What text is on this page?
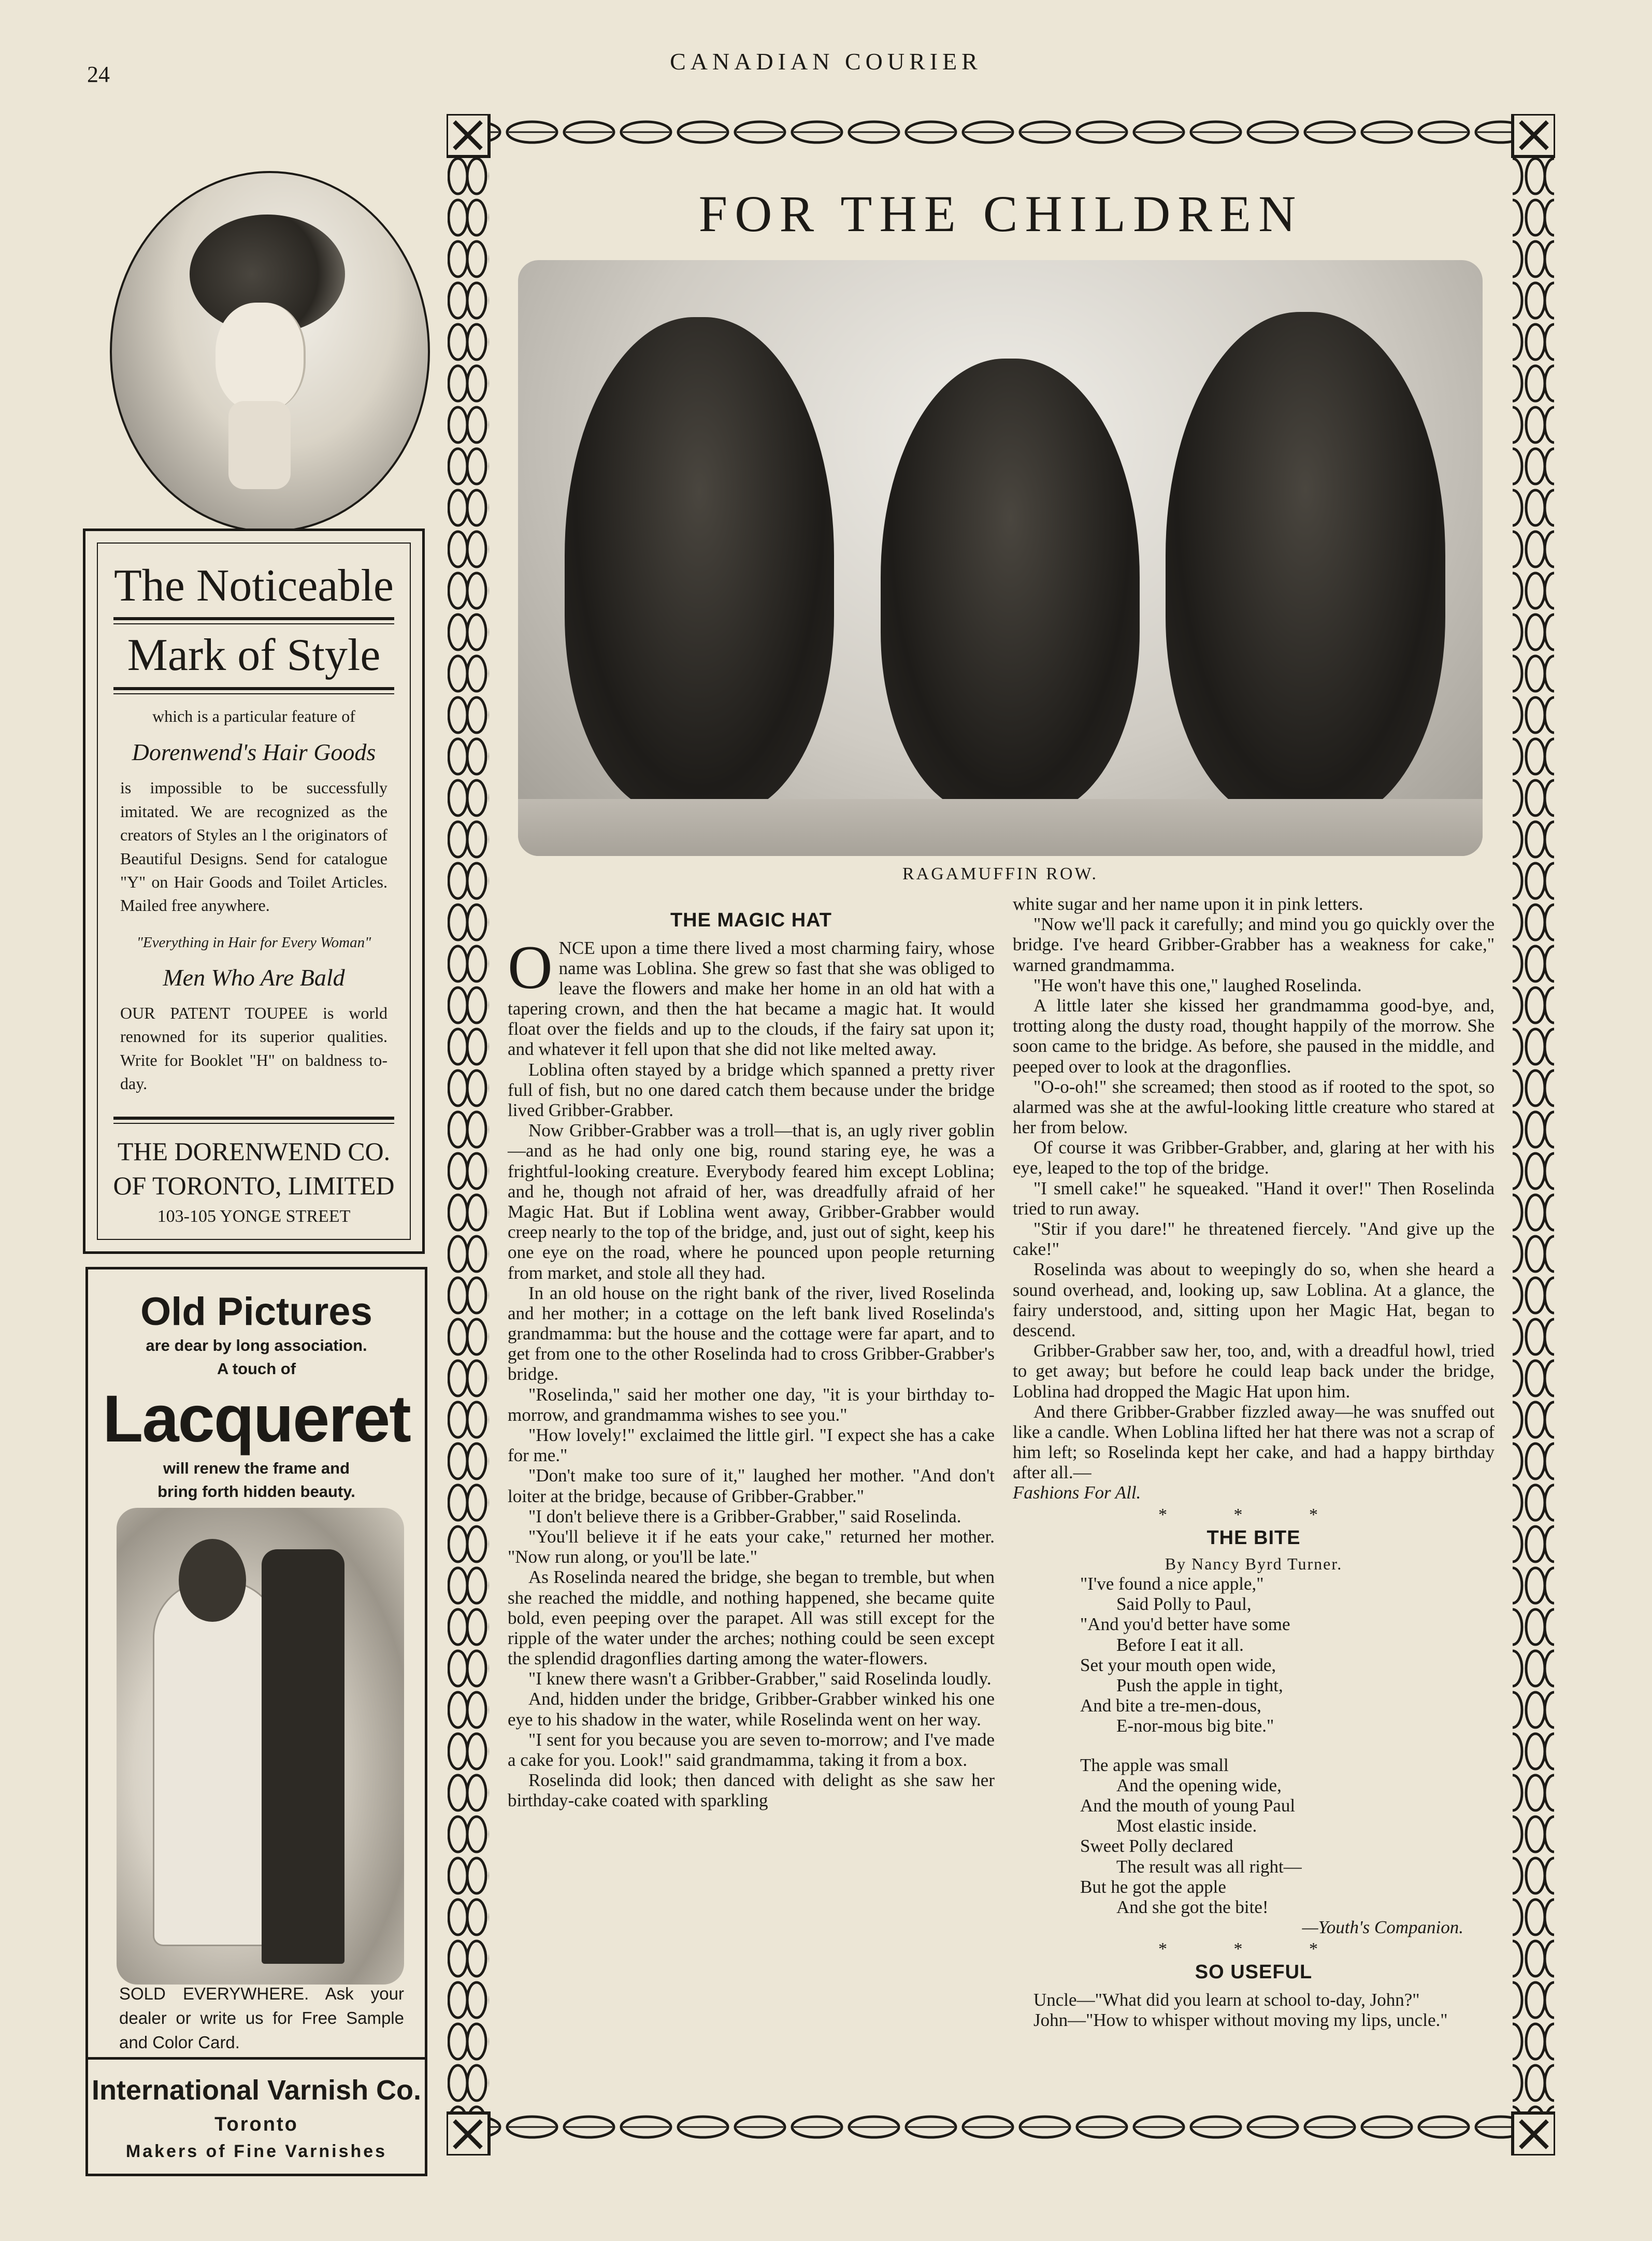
24	CANADIAN COURIER
The Noticeable
Mark of Style
which is a particular feature of
Dorenwend's Hair Goods
is impossible to be successfully imitated. We are recognized as the creators of Styles an l the originators of Beautiful Designs. Send for catalogue "Y" on Hair Goods and Toilet Articles. Mailed free anywhere.
"Everything in Hair for Every Woman"
Men Who Are Bald
OUR PATENT TOUPEE is world renowned for its superior qualities. Write for Booklet "H" on baldness to-day.
THE DORENWEND CO.
OF TORONTO, LIMITED
103-105 YONGE STREET
Old Pictures
are dear by long association.
A touch of
Lacqueret
will renew the frame and
bring forth hidden beauty.
SOLD EVERYWHERE. Ask your dealer or write us for Free Sample and Color Card.
International Varnish Co.
Toronto
Makers of Fine Varnishes
FOR THE CHILDREN
RAGAMUFFIN ROW.
THE MAGIC HAT

ONCE upon a time there lived a most charming fairy, whose name was Loblina. She grew so fast that she was obliged to leave the flowers and make her home in an old hat with a tapering crown, and then the hat became a magic hat. It would float over the fields and up to the clouds, if the fairy sat upon it; and whatever it fell upon that she did not like melted away.

Loblina often stayed by a bridge which spanned a pretty river full of fish, but no one dared catch them because under the bridge lived Gribber-Grabber.

Now Gribber-Grabber was a troll—that is, an ugly river goblin—and as he had only one big, round staring eye, he was a frightful-looking creature. Everybody feared him except Loblina; and he, though not afraid of her, was dreadfully afraid of her Magic Hat. But if Loblina went away, Gribber-Grabber would creep nearly to the top of the bridge, and, just out of sight, keep his one eye on the road, where he pounced upon people returning from market, and stole all they had.

In an old house on the right bank of the river, lived Roselinda and her mother; in a cottage on the left bank lived Roselinda's grandmamma: but the house and the cottage were far apart, and to get from one to the other Roselinda had to cross Gribber-Grabber's bridge.

"Roselinda," said her mother one day, "it is your birthday to-morrow, and grandmamma wishes to see you."

"How lovely!" exclaimed the little girl. "I expect she has a cake for me."

"Don't make too sure of it," laughed her mother. "And don't loiter at the bridge, because of Gribber-Grabber."

"I don't believe there is a Gribber-Grabber," said Roselinda.

"You'll believe it if he eats your cake," returned her mother. "Now run along, or you'll be late."

As Roselinda neared the bridge, she began to tremble, but when she reached the middle, and nothing happened, she became quite bold, even peeping over the parapet. All was still except for the ripple of the water under the arches; nothing could be seen except the splendid dragonflies darting among the water-flowers.

"I knew there wasn't a Gribber-Grabber," said Roselinda loudly.

And, hidden under the bridge, Gribber-Grabber winked his one eye to his shadow in the water, while Roselinda went on her way.

"I sent for you because you are seven to-morrow; and I've made a cake for you. Look!" said grandmamma, taking it from a box.

Roselinda did look; then danced with delight as she saw her birthday-cake coated with sparkling

white sugar and her name upon it in pink letters.

"Now we'll pack it carefully; and mind you go quickly over the bridge. I've heard Gribber-Grabber has a weakness for cake," warned grandmamma.

"He won't have this one," laughed Roselinda.

A little later she kissed her grandmamma good-bye, and, trotting along the dusty road, thought happily of the morrow. She soon came to the bridge. As before, she paused in the middle, and peeped over to look at the dragonflies.

"O-o-oh!" she screamed; then stood as if rooted to the spot, so alarmed was she at the awful-looking little creature who stared at her from below.

Of course it was Gribber-Grabber, and, glaring at her with his eye, leaped to the top of the bridge.

"I smell cake!" he squeaked. "Hand it over!" Then Roselinda tried to run away.

"Stir if you dare!" he threatened fiercely. "And give up the cake!"

Roselinda was about to weepingly do so, when she heard a sound overhead, and, looking up, saw Loblina. At a glance, the fairy understood, and, sitting upon her Magic Hat, began to descend.

Gribber-Grabber saw her, too, and, with a dreadful howl, tried to get away; but before he could leap back under the bridge, Loblina had dropped the Magic Hat upon him.

And there Gribber-Grabber fizzled away—he was snuffed out like a candle. When Loblina lifted her hat there was not a scrap of him left; so Roselinda kept her cake, and had a happy birthday after all.—

Fashions For All.

* * *
THE BITE
By Nancy Byrd Turner.
"I've found a nice apple,"
Said Polly to Paul,
"And you'd better have some
Before I eat it all.
Set your mouth open wide,
Push the apple in tight,
And bite a tre-men-dous,
E-nor-mous big bite."
The apple was small
And the opening wide,
And the mouth of young Paul
Most elastic inside.
Sweet Polly declared
The result was all right—
But he got the apple
And she got the bite!
—Youth's Companion.
* * *
SO USEFUL

Uncle—"What did you learn at school to-day, John?"

John—"How to whisper without moving my lips, uncle."
